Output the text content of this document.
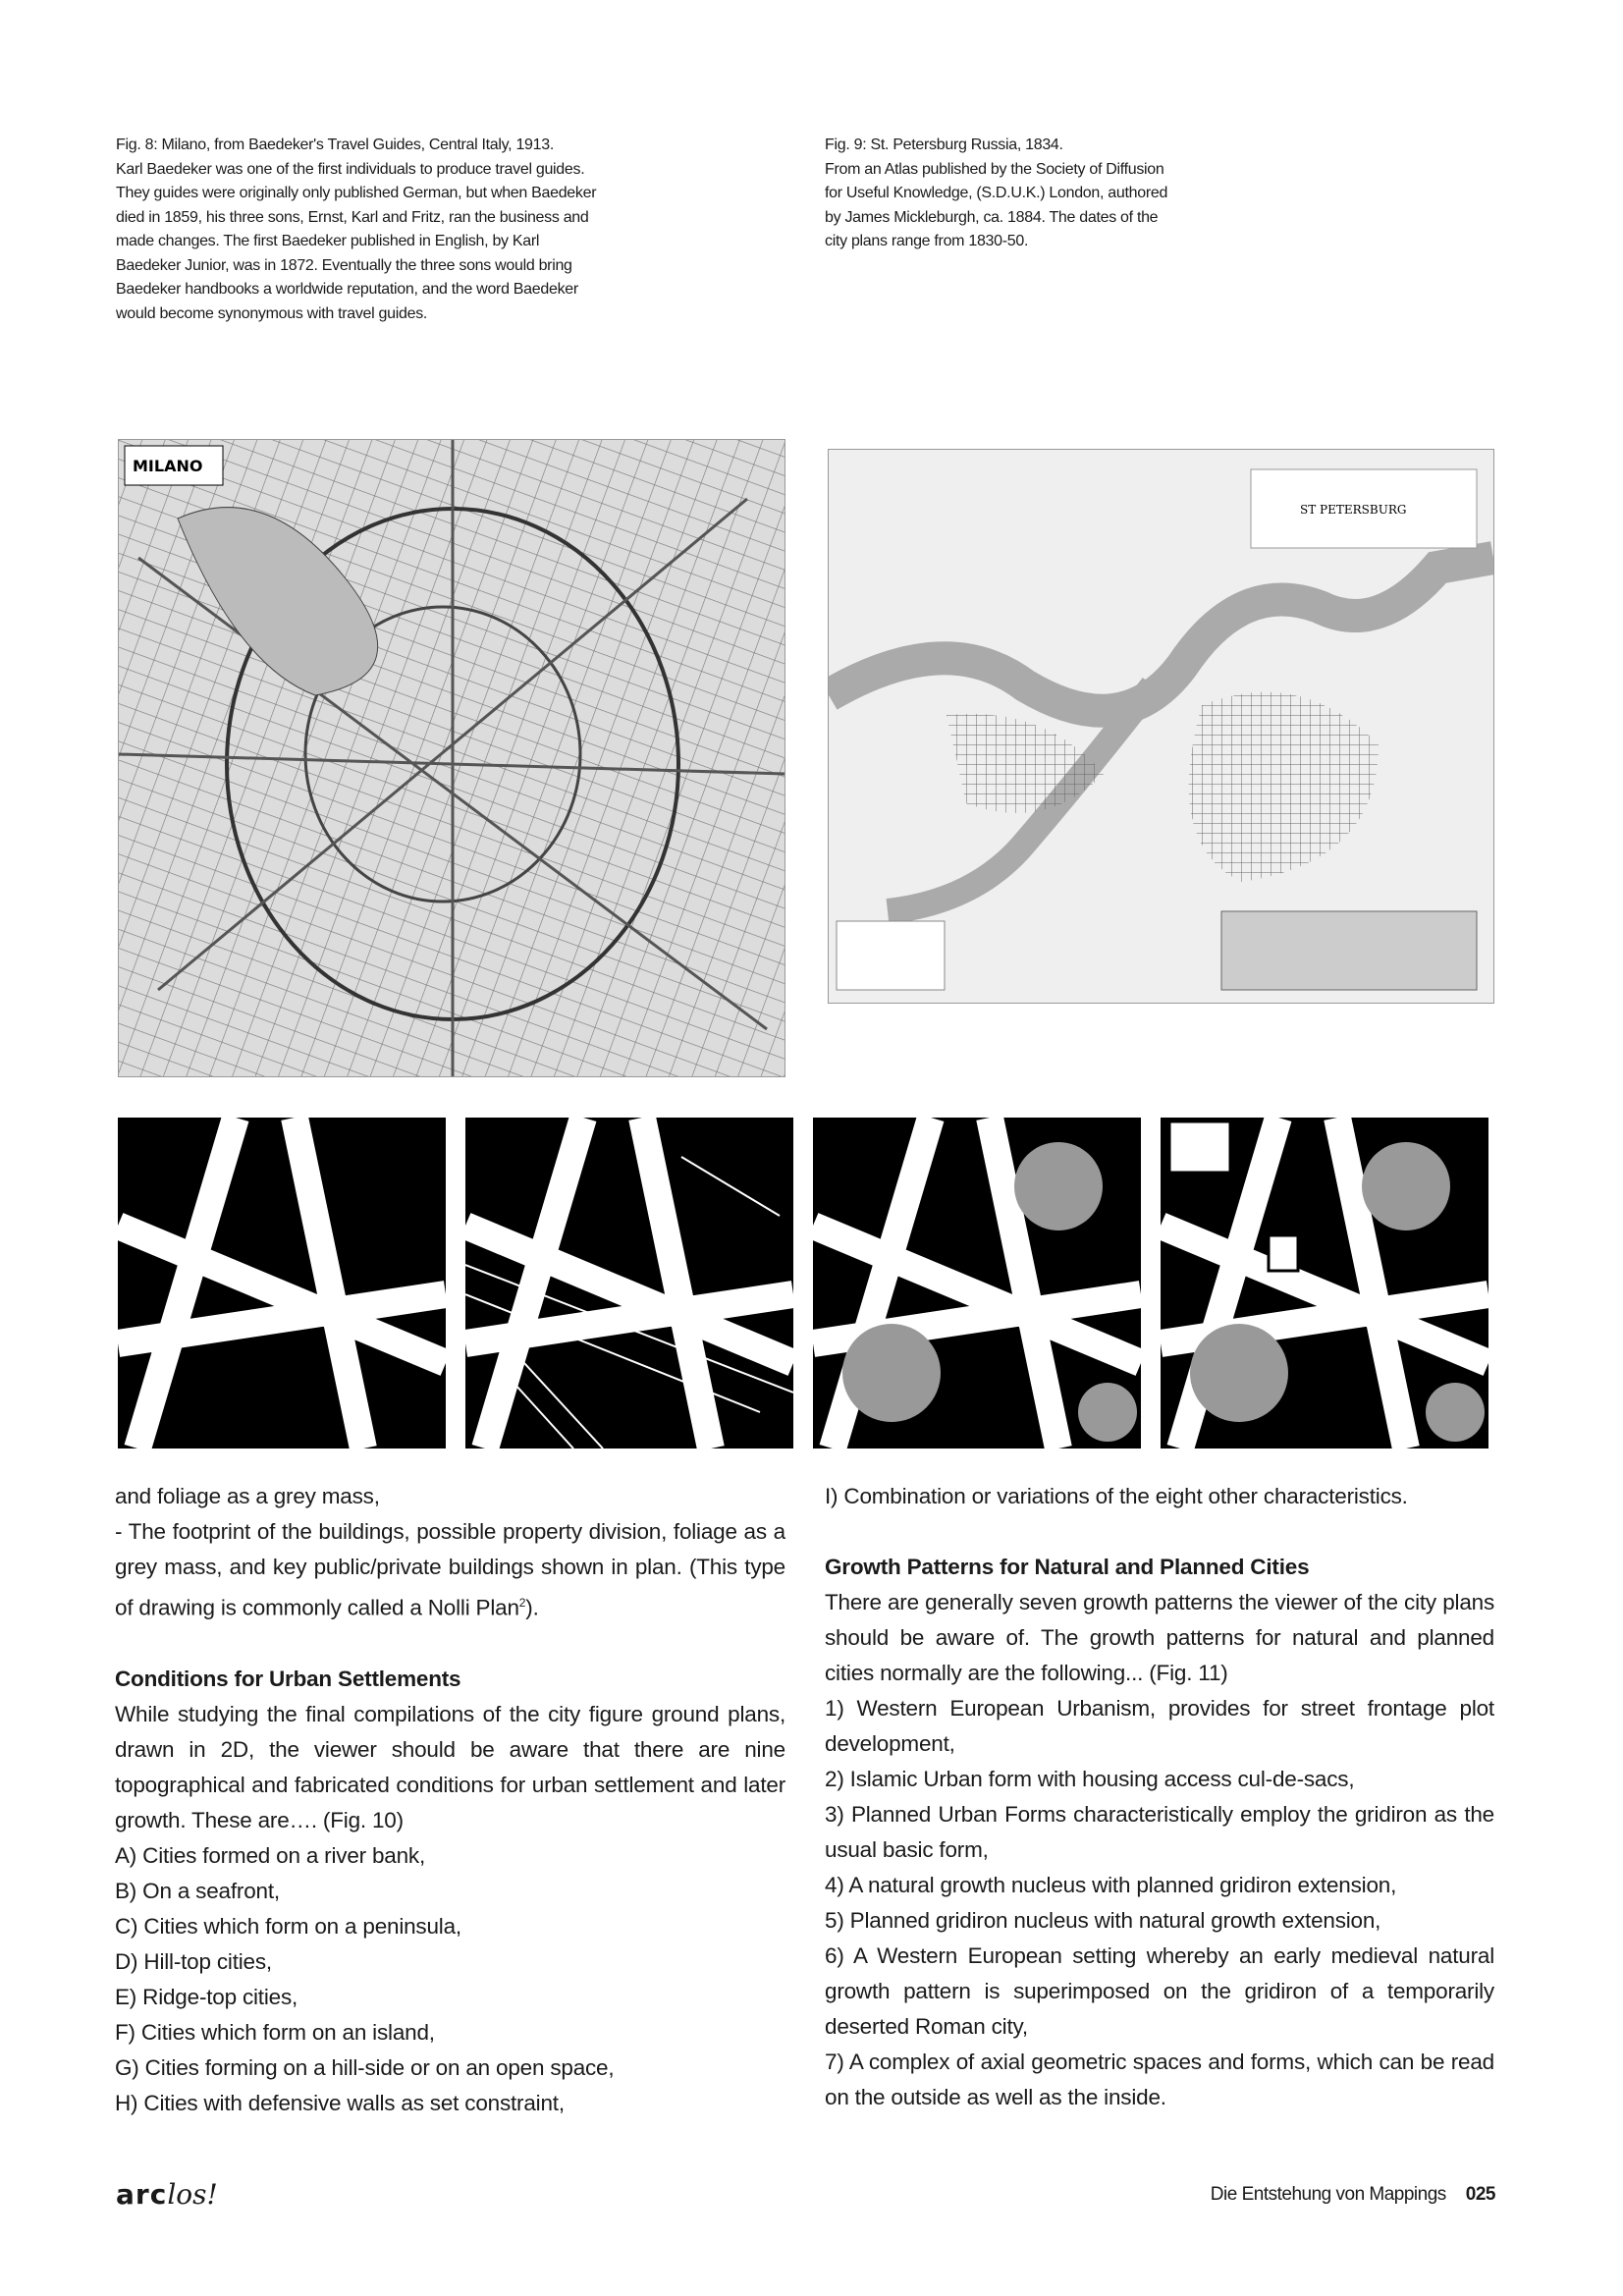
Fig. 8: Milano, from Baedeker's Travel Guides, Central Italy, 1913.

Karl Baedeker was one of the first individuals to produce travel guides. They guides were originally only published German, but when Baedeker died in 1859, his three sons, Ernst, Karl and Fritz, ran the business and made changes. The first Baedeker published in English, by Karl Baedeker Junior, was in 1872. Eventually the three sons would bring Baedeker handbooks a worldwide reputation, and the word Baedeker would become synonymous with travel guides.

Fig. 9: St. Petersburg Russia, 1834.

From an Atlas published by the Society of Diffusion for Useful Knowledge, (S.D.U.K.) London, authored by James Mickleburgh, ca. 1884. The dates of the city plans range from 1830-50.

MILANO
ST PETERSBURG

and foliage as a grey mass,

- The footprint of the buildings, possible property division, foliage as a grey mass, and key public/private buildings shown in plan. (This type of drawing is commonly called a Nolli Plan$^2$).

Conditions for Urban Settlements

While studying the final compilations of the city figure ground plans, drawn in 2D, the viewer should be aware that there are nine topographical and fabricated conditions for urban settlement and later growth. These are…. (Fig. 10)

A) Cities formed on a river bank,

B) On a seafront,

C) Cities which form on a peninsula,

D) Hill-top cities,

E) Ridge-top cities,

F) Cities which form on an island,

G) Cities forming on a hill-side or on an open space,

H) Cities with defensive walls as set constraint,

I) Combination or variations of the eight other characteristics.

Growth Patterns for Natural and Planned Cities

There are generally seven growth patterns the viewer of the city plans should be aware of. The growth patterns for natural and planned cities normally are the following... (Fig. 11)

1) Western European Urbanism, provides for street frontage plot development,

2) Islamic Urban form with housing access cul-de-sacs,

3) Planned Urban Forms characteristically employ the gridiron as the usual basic form,

4) A natural growth nucleus with planned gridiron extension,

5) Planned gridiron nucleus with natural growth extension,

6) A Western European setting whereby an early medieval natural growth pattern is superimposed on the gridiron of a temporarily deserted Roman city,

7) A complex of axial geometric spaces and forms, which can be read on the outside as well as the inside.

arclos!	Die Entstehung von Mappings 025
